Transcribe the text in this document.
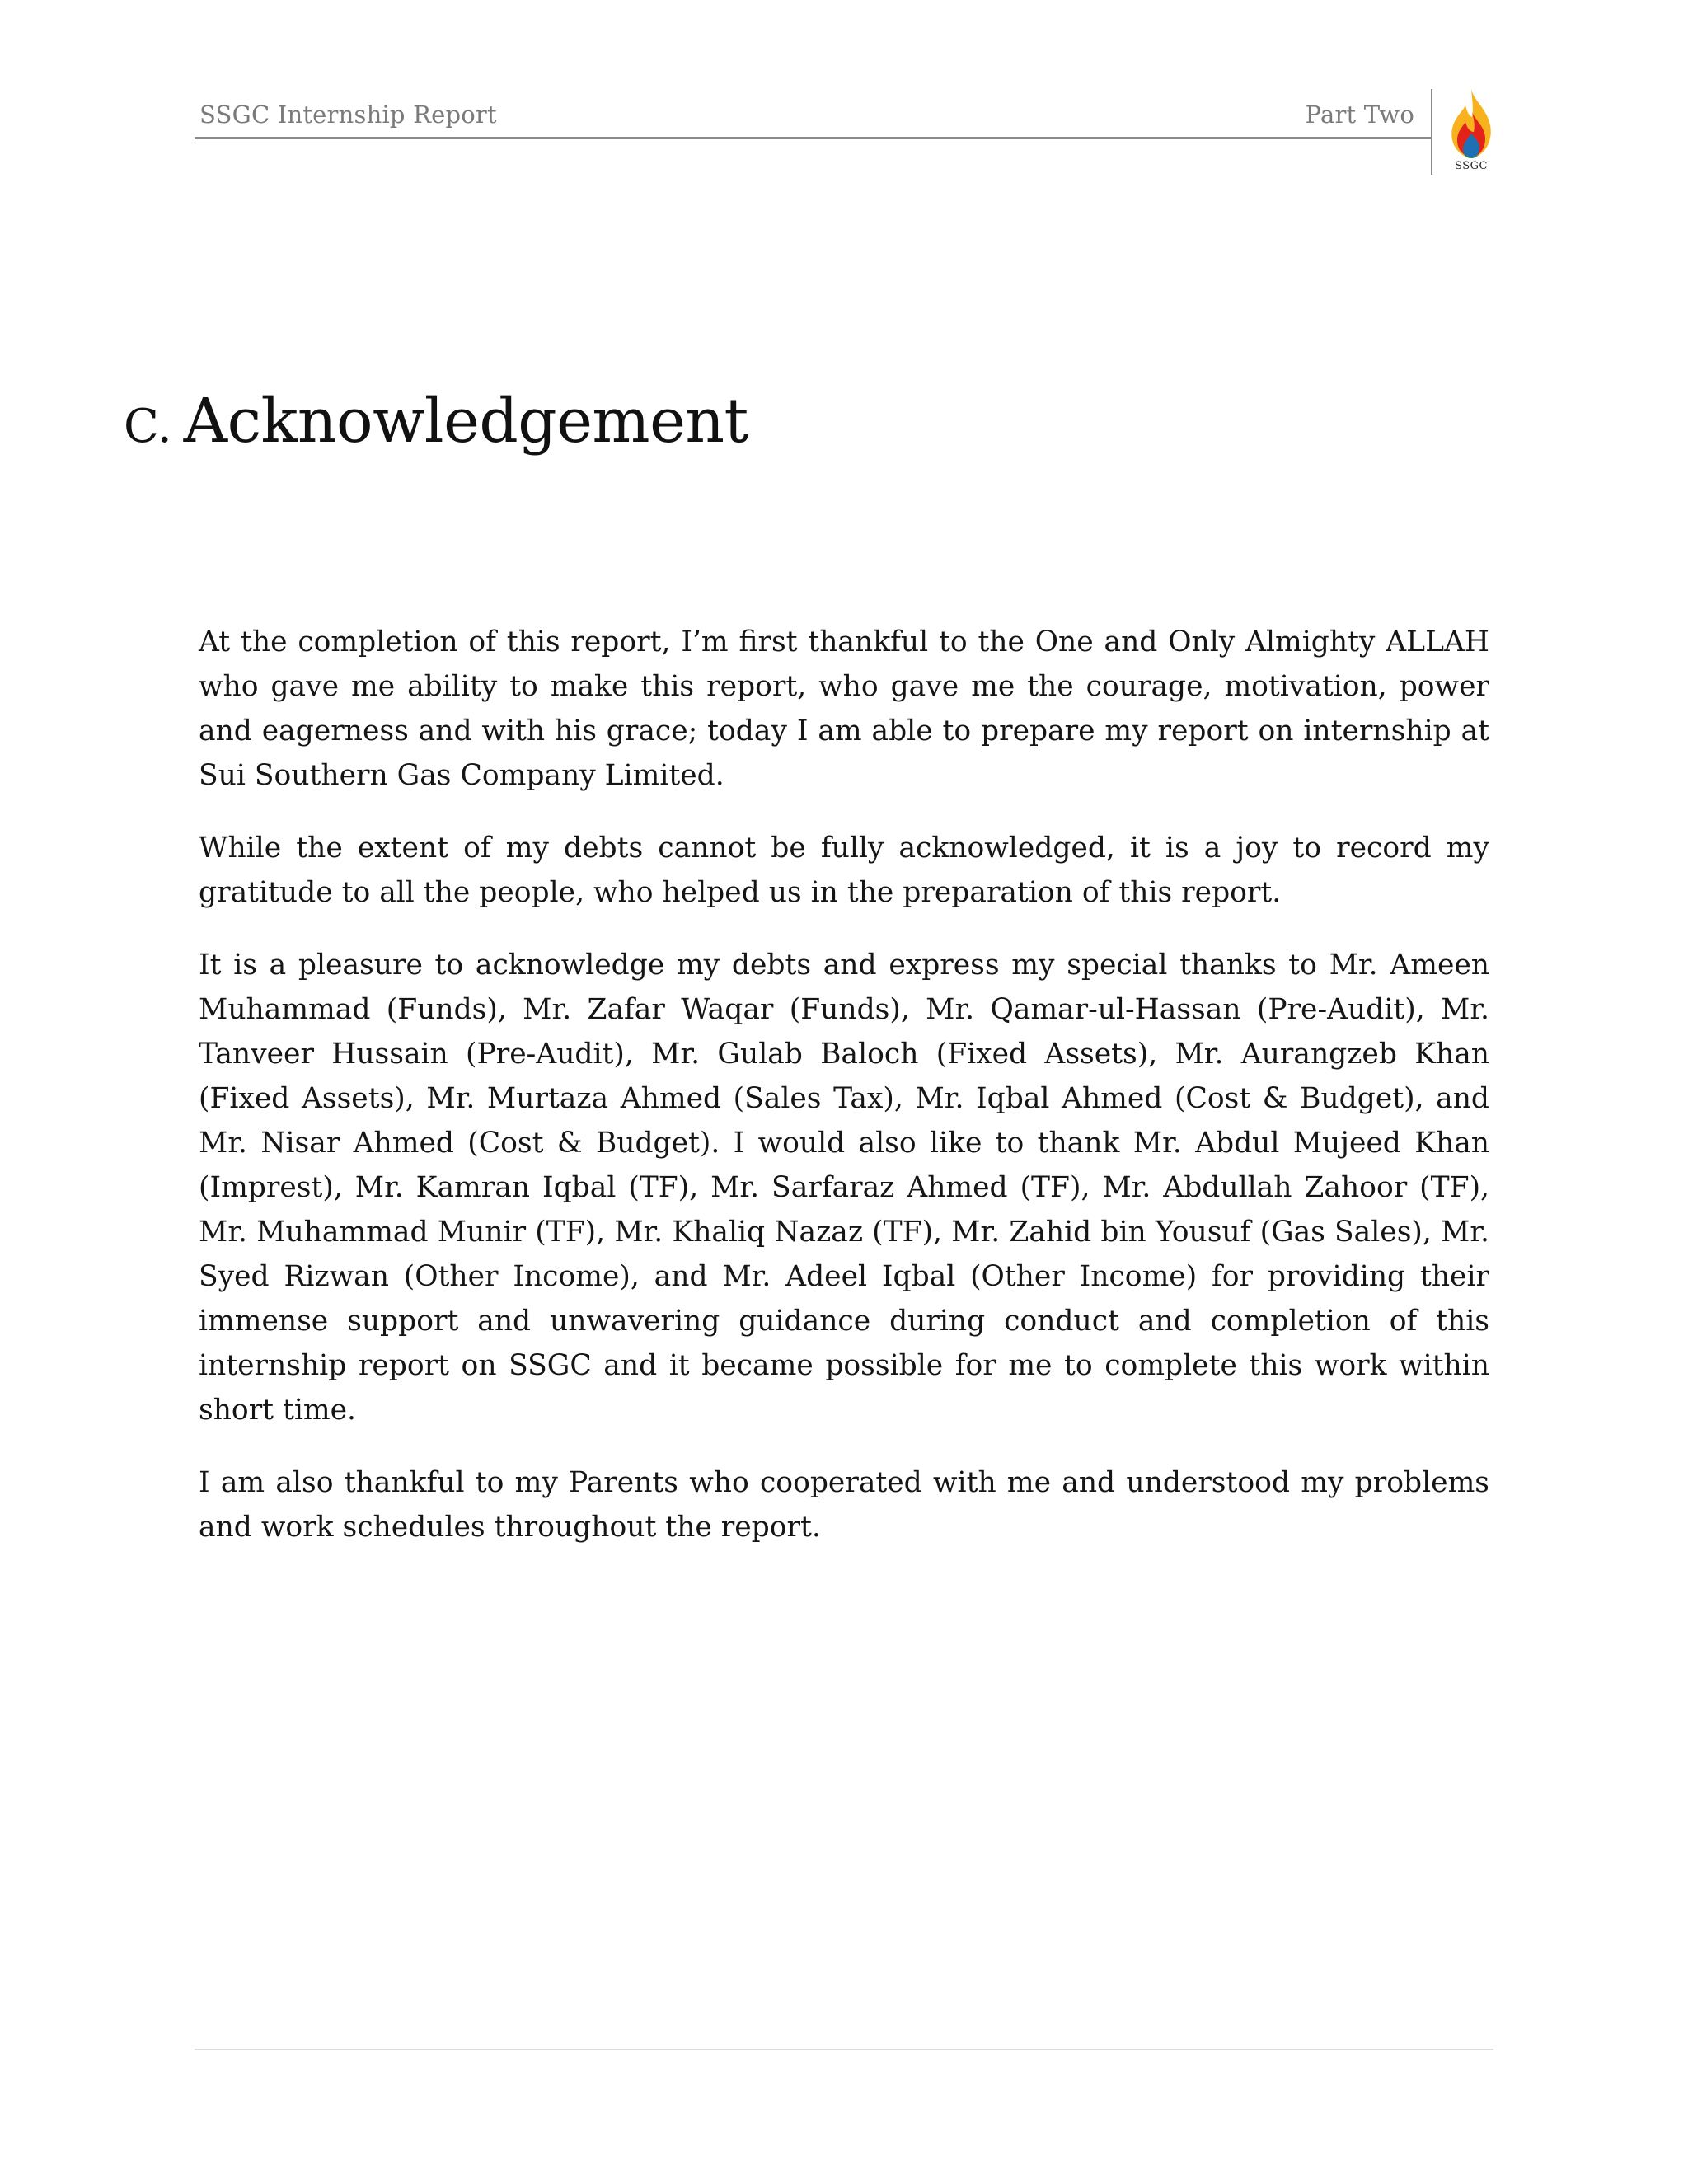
SSGC Internship Report	Part Two
SSGC
C. Acknowledgement

At the completion of this report, I’m first thankful to the One and Only Almighty ALLAH who gave me ability to make this report, who gave me the courage, motivation, power and eagerness and with his grace; today I am able to prepare my report on internship at Sui Southern Gas Company Limited.

While the extent of my debts cannot be fully acknowledged, it is a joy to record my gratitude to all the people, who helped us in the preparation of this report.

It is a pleasure to acknowledge my debts and express my special thanks to Mr. Ameen Muhammad (Funds), Mr. Zafar Waqar (Funds), Mr. Qamar-ul-Hassan (Pre-Audit), Mr. Tanveer Hussain (Pre-Audit), Mr. Gulab Baloch (Fixed Assets), Mr. Aurangzeb Khan (Fixed Assets), Mr. Murtaza Ahmed (Sales Tax), Mr. Iqbal Ahmed (Cost & Budget), and Mr. Nisar Ahmed (Cost & Budget). I would also like to thank Mr. Abdul Mujeed Khan (Imprest), Mr. Kamran Iqbal (TF), Mr. Sarfaraz Ahmed (TF), Mr. Abdullah Zahoor (TF), Mr. Muhammad Munir (TF), Mr. Khaliq Nazaz (TF), Mr. Zahid bin Yousuf (Gas Sales), Mr. Syed Rizwan (Other Income), and Mr. Adeel Iqbal (Other Income) for providing their immense support and unwavering guidance during conduct and completion of this internship report on SSGC and it became possible for me to complete this work within short time.

I am also thankful to my Parents who cooperated with me and understood my problems and work schedules throughout the report.
